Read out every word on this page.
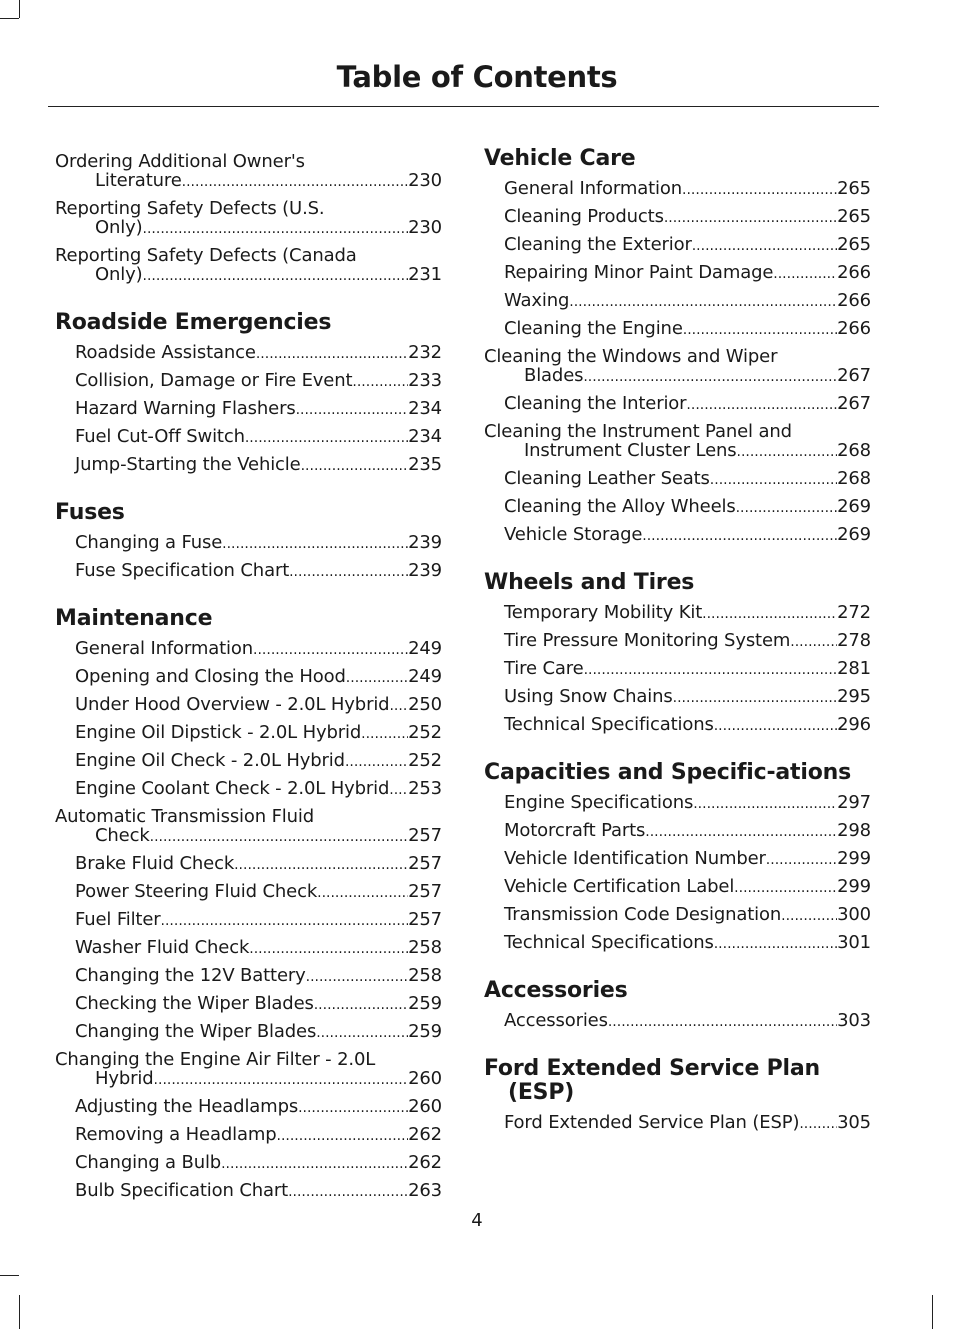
Table of Contents
Ordering Additional Owner's
Literature .....	230
Reporting Safety Defects (U.S.
Only) .....	230
Reporting Safety Defects (Canada
Only) .....	231
Roadside Emergencies
Roadside Assistance .....	232
Collision, Damage or Fire Event .....	233
Hazard Warning Flashers .....	234
Fuel Cut-Off Switch .....	234
Jump-Starting the Vehicle .....	235
Fuses
Changing a Fuse .....	239
Fuse Specification Chart .....	239
Maintenance
General Information .....	249
Opening and Closing the Hood .....	249
Under Hood Overview - 2.0L Hybrid ..... 250
Engine Oil Dipstick - 2.0L Hybrid .....	252
Engine Oil Check - 2.0L Hybrid .....	252
Engine Coolant Check - 2.0L Hybrid ..... 253
Automatic Transmission Fluid
Check .....	257
Brake Fluid Check .....	257
Power Steering Fluid Check .....	257
Fuel Filter .....	257
Washer Fluid Check .....	258
Changing the 12V Battery .....	258
Checking the Wiper Blades .....	259
Changing the Wiper Blades .....	259
Changing the Engine Air Filter - 2.0L
Hybrid .....	260
Adjusting the Headlamps .....	260
Removing a Headlamp .....	262
Changing a Bulb .....	262
Bulb Specification Chart .....	263
Vehicle Care
General Information .....	265
Cleaning Products .....	265
Cleaning the Exterior .....	265
Repairing Minor Paint Damage .....	266
Waxing .....	266
Cleaning the Engine .....	266
Cleaning the Windows and Wiper
Blades .....	267
Cleaning the Interior .....	267
Cleaning the Instrument Panel and
Instrument Cluster Lens .....	268
Cleaning Leather Seats .....	268
Cleaning the Alloy Wheels .....	269
Vehicle Storage .....	269
Wheels and Tires
Temporary Mobility Kit .....	272
Tire Pressure Monitoring System .....	278
Tire Care .....	281
Using Snow Chains .....	295
Technical Specifications .....	296
Capacities and Specific-ations
Engine Specifications .....	297
Motorcraft Parts .....	298
Vehicle Identification Number .....	299
Vehicle Certification Label .....	299
Transmission Code Designation .....	300
Technical Specifications .....	301
Accessories
Accessories .....	303
Ford Extended Service Plan (ESP)
Ford Extended Service Plan (ESP) ..... 305
4
